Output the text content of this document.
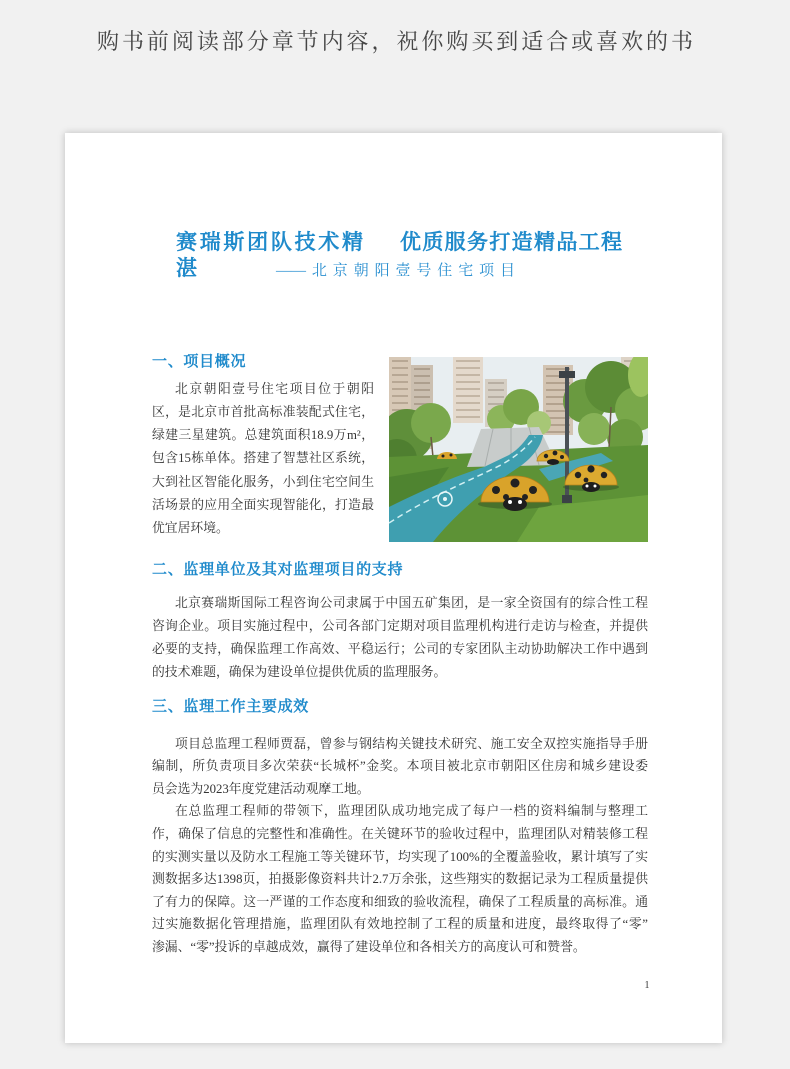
购书前阅读部分章节内容，祝你购买到适合或喜欢的书
赛瑞斯团队技术精湛
优质服务打造精品工程
——北京朝阳壹号住宅项目
一、项目概况
北京朝阳壹号住宅项目位于朝阳
区，是北京市首批高标准装配式住宅，
绿建三星建筑。总建筑面积18.9万m²，
包含15栋单体。搭建了智慧社区系统，
大到社区智能化服务，小到住宅空间生
活场景的应用全面实现智能化，打造最
优宜居环境。
二、监理单位及其对监理项目的支持
北京赛瑞斯国际工程咨询公司隶属于中国五矿集团，是一家全资国有的综合性工程
咨询企业。项目实施过程中，公司各部门定期对项目监理机构进行走访与检查，并提供
必要的支持，确保监理工作高效、平稳运行；公司的专家团队主动协助解决工作中遇到
的技术难题，确保为建设单位提供优质的监理服务。
三、监理工作主要成效
项目总监理工程师贾磊，曾参与钢结构关键技术研究、施工安全双控实施指导手册
编制，所负责项目多次荣获“长城杯”金奖。本项目被北京市朝阳区住房和城乡建设委
员会选为2023年度党建活动观摩工地。
在总监理工程师的带领下，监理团队成功地完成了每户一档的资料编制与整理工
作，确保了信息的完整性和准确性。在关键环节的验收过程中，监理团队对精装修工程
的实测实量以及防水工程施工等关键环节，均实现了100%的全覆盖验收，累计填写了实
测数据多达1398页，拍摄影像资料共计2.7万余张，这些翔实的数据记录为工程质量提供
了有力的保障。这一严谨的工作态度和细致的验收流程，确保了工程质量的高标准。通
过实施数据化管理措施，监理团队有效地控制了工程的质量和进度，最终取得了“零”
渗漏、“零”投诉的卓越成效，赢得了建设单位和各相关方的高度认可和赞誉。
1
